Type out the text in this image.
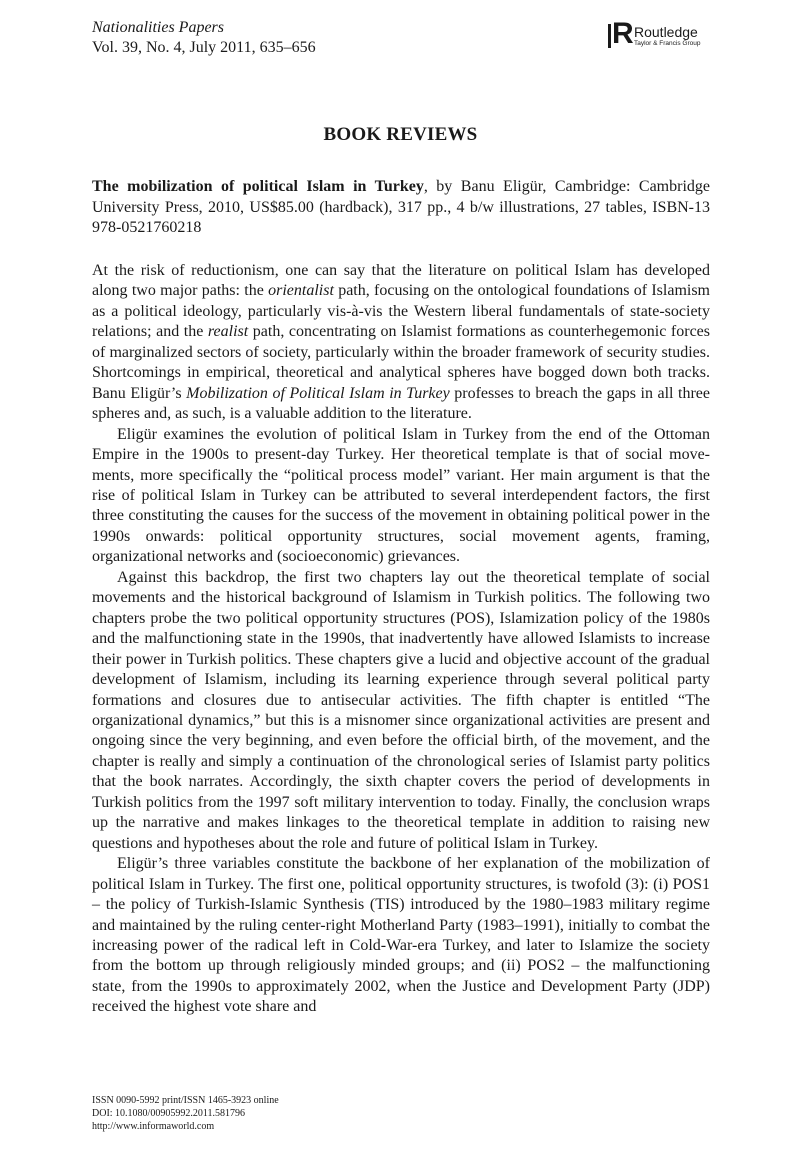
Nationalities Papers
Vol. 39, No. 4, July 2011, 635–656	R Routledge
Taylor & Francis Group
BOOK REVIEWS
The mobilization of political Islam in Turkey, by Banu Eligür, Cambridge: Cambridge University Press, 2010, US$85.00 (hardback), 317 pp., 4 b/w illustrations, 27 tables, ISBN-13 978-0521760218

At the risk of reductionism, one can say that the literature on political Islam has developed along two major paths: the orientalist path, focusing on the ontological foundations of Islamism as a political ideology, particularly vis-à-vis the Western liberal fundamentals of state-society relations; and the realist path, concentrating on Islamist formations as counterhegemonic forces of marginalized sectors of society, particularly within the broader framework of security studies. Shortcomings in empirical, theoretical and analytical spheres have bogged down both tracks. Banu Eligür’s Mobilization of Political Islam in Turkey professes to breach the gaps in all three spheres and, as such, is a valuable addition to the literature.

Eligür examines the evolution of political Islam in Turkey from the end of the Ottoman Empire in the 1900s to present-day Turkey. Her theoretical template is that of social movements, more specifically the “political process model” variant. Her main argument is that the rise of political Islam in Turkey can be attributed to several interdependent factors, the first three constituting the causes for the success of the movement in obtaining political power in the 1990s onwards: political opportunity structures, social movement agents, framing, organizational networks and (socioeconomic) grievances.

Against this backdrop, the first two chapters lay out the theoretical template of social movements and the historical background of Islamism in Turkish politics. The following two chapters probe the two political opportunity structures (POS), Islamization policy of the 1980s and the malfunctioning state in the 1990s, that inadvertently have allowed Islamists to increase their power in Turkish politics. These chapters give a lucid and objective account of the gradual development of Islamism, including its learning experience through several political party formations and closures due to antisecular activities. The fifth chapter is entitled “The organizational dynamics,” but this is a misnomer since organizational activities are present and ongoing since the very beginning, and even before the official birth, of the movement, and the chapter is really and simply a continuation of the chronological series of Islamist party politics that the book narrates. Accordingly, the sixth chapter covers the period of developments in Turkish politics from the 1997 soft military intervention to today. Finally, the conclusion wraps up the narrative and makes linkages to the theoretical template in addition to raising new questions and hypotheses about the role and future of political Islam in Turkey.

Eligür’s three variables constitute the backbone of her explanation of the mobilization of political Islam in Turkey. The first one, political opportunity structures, is twofold (3): (i) POS1 – the policy of Turkish-Islamic Synthesis (TIS) introduced by the 1980–1983 military regime and maintained by the ruling center-right Motherland Party (1983–1991), initially to combat the increasing power of the radical left in Cold-War-era Turkey, and later to Islamize the society from the bottom up through religiously minded groups; and (ii) POS2 – the malfunctioning state, from the 1990s to approximately 2002, when the Justice and Development Party (JDP) received the highest vote share and

ISSN 0090-5992 print/ISSN 1465-3923 online
DOI: 10.1080/00905992.2011.581796
http://www.informaworld.com
